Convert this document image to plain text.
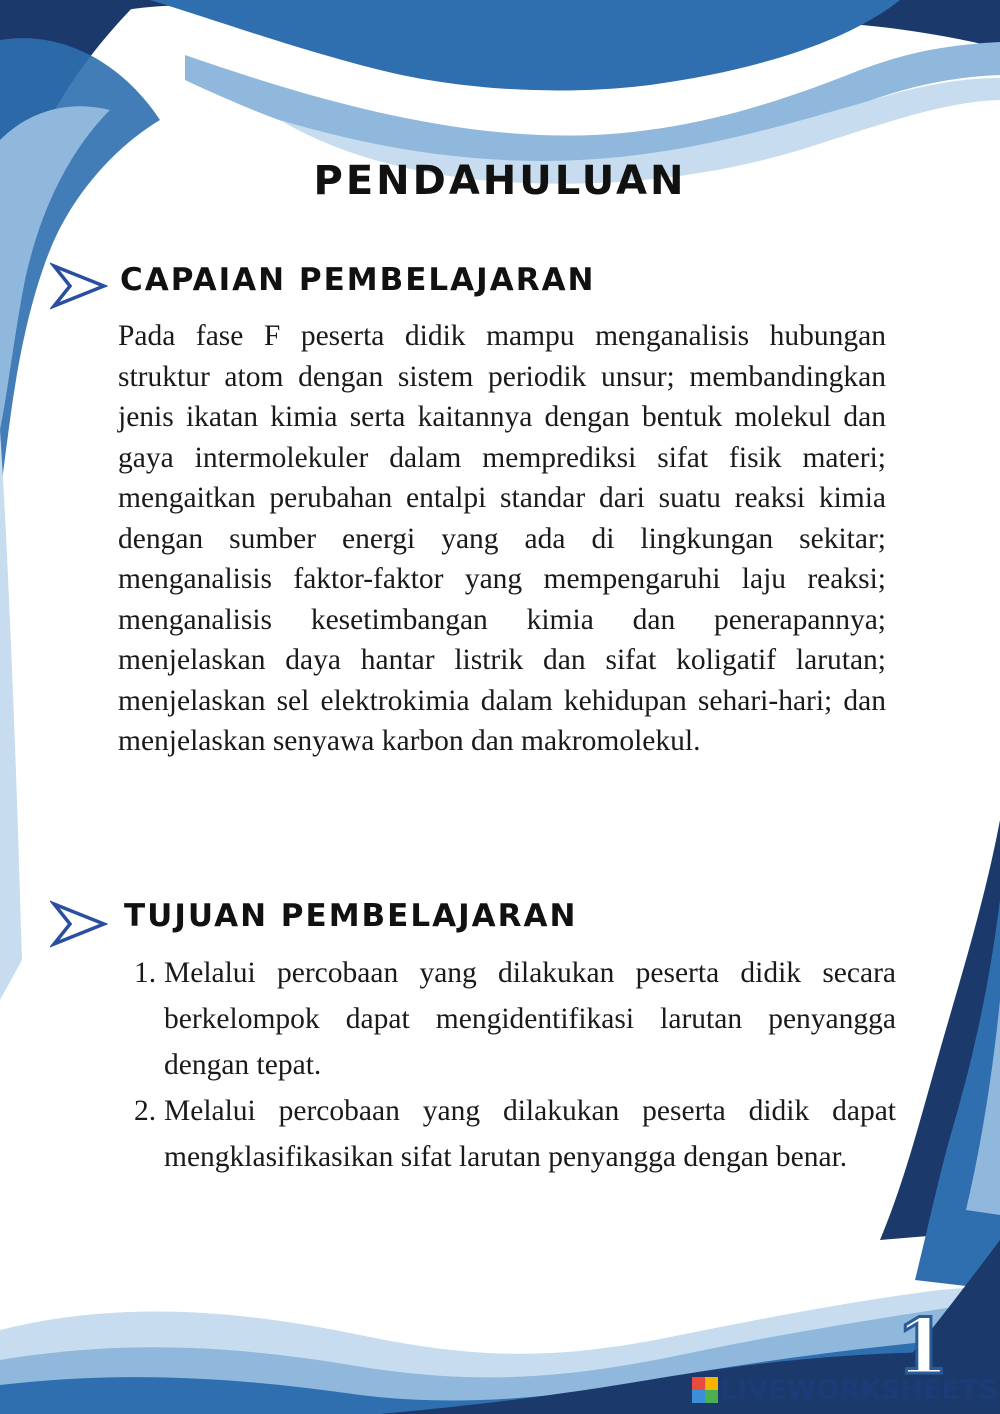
PENDAHULUAN
CAPAIAN PEMBELAJARAN
Pada fase F peserta didik mampu menganalisis hubungan struktur atom dengan sistem periodik unsur; membandingkan jenis ikatan kimia serta kaitannya dengan bentuk molekul dan gaya intermolekuler dalam memprediksi sifat fisik materi; mengaitkan perubahan entalpi standar dari suatu reaksi kimia dengan sumber energi yang ada di lingkungan sekitar; menganalisis faktor-faktor yang mempengaruhi laju reaksi; menganalisis kesetimbangan kimia dan penerapannya; menjelaskan daya hantar listrik dan sifat koligatif larutan; menjelaskan sel elektrokimia dalam kehidupan sehari-hari; dan menjelaskan senyawa karbon dan makromolekul.
TUJUAN PEMBELAJARAN
1. Melalui percobaan yang dilakukan peserta didik secara berkelompok dapat mengidentifikasi larutan penyangga dengan tepat.
2. Melalui percobaan yang dilakukan peserta didik dapat mengklasifikasikan sifat larutan penyangga dengan benar.
1
LIVEWORKSHEETS
